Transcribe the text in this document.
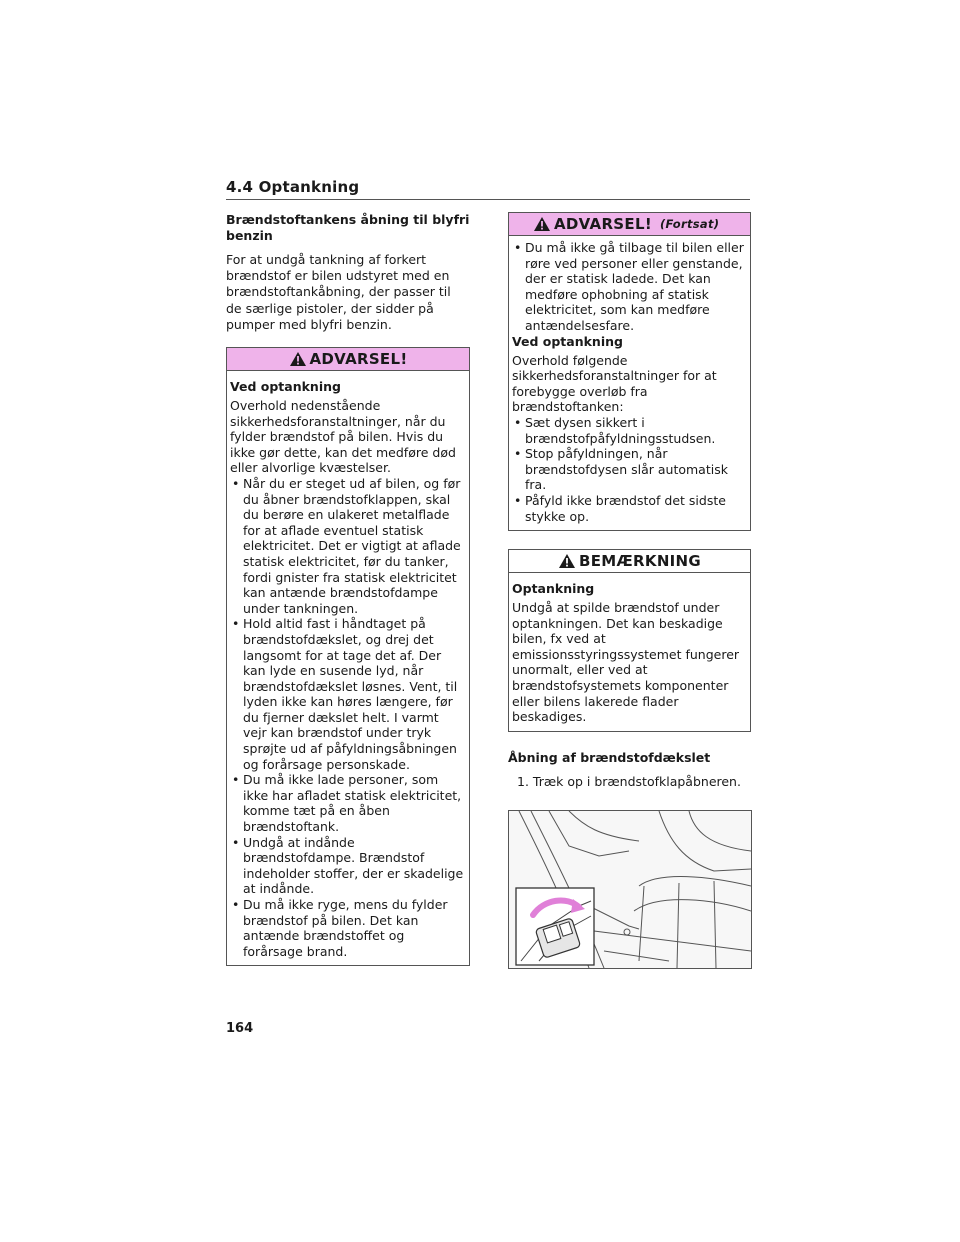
4.4 Optankning

Brændstoftankens åbning til blyfri benzin

For at undgå tankning af forkert brændstof er bilen udstyret med en brændstoftankåbning, der passer til de særlige pistoler, der sidder på pumper med blyfri benzin.

ADVARSEL!

Ved optankning

Overhold nedenstående sikkerhedsforanstaltninger, når du fylder brændstof på bilen. Hvis du ikke gør dette, kan det medføre død eller alvorlige kvæstelser.

• Når du er steget ud af bilen, og før du åbner brændstofklappen, skal du berøre en ulakeret metalflade for at aflade eventuel statisk elektricitet. Det er vigtigt at aflade statisk elektricitet, før du tanker, fordi gnister fra statisk elektricitet kan antænde brændstofdampe under tankningen.
• Hold altid fast i håndtaget på brændstofdækslet, og drej det langsomt for at tage det af. Der kan lyde en susende lyd, når brændstofdækslet løsnes. Vent, til lyden ikke kan høres længere, før du fjerner dækslet helt. I varmt vejr kan brændstof under tryk sprøjte ud af påfyldningsåbningen og forårsage personskade.
• Du må ikke lade personer, som ikke har afladet statisk elektricitet, komme tæt på en åben brændstoftank.
• Undgå at indånde brændstofdampe. Brændstof indeholder stoffer, der er skadelige at indånde.
• Du må ikke ryge, mens du fylder brændstof på bilen. Det kan antænde brændstoffet og forårsage brand.
ADVARSEL! (Fortsat)
• Du må ikke gå tilbage til bilen eller røre ved personer eller genstande, der er statisk ladede. Det kan medføre ophobning af statisk elektricitet, som kan medføre antændelsesfare.

Ved optankning

Overhold følgende sikkerhedsforanstaltninger for at forebygge overløb fra brændstoftanken:

• Sæt dysen sikkert i brændstofpåfyldningsstudsen.
• Stop påfyldningen, når brændstofdysen slår automatisk fra.
• Påfyld ikke brændstof det sidste stykke op.
BEMÆRKNING

Optankning

Undgå at spilde brændstof under optankningen. Det kan beskadige bilen, fx ved at emissionsstyringssystemet fungerer unormalt, eller ved at brændstofsystemets komponenter eller bilens lakerede flader beskadiges.

Åbning af brændstofdækslet

1. Træk op i brændstofklapåbneren.

164
